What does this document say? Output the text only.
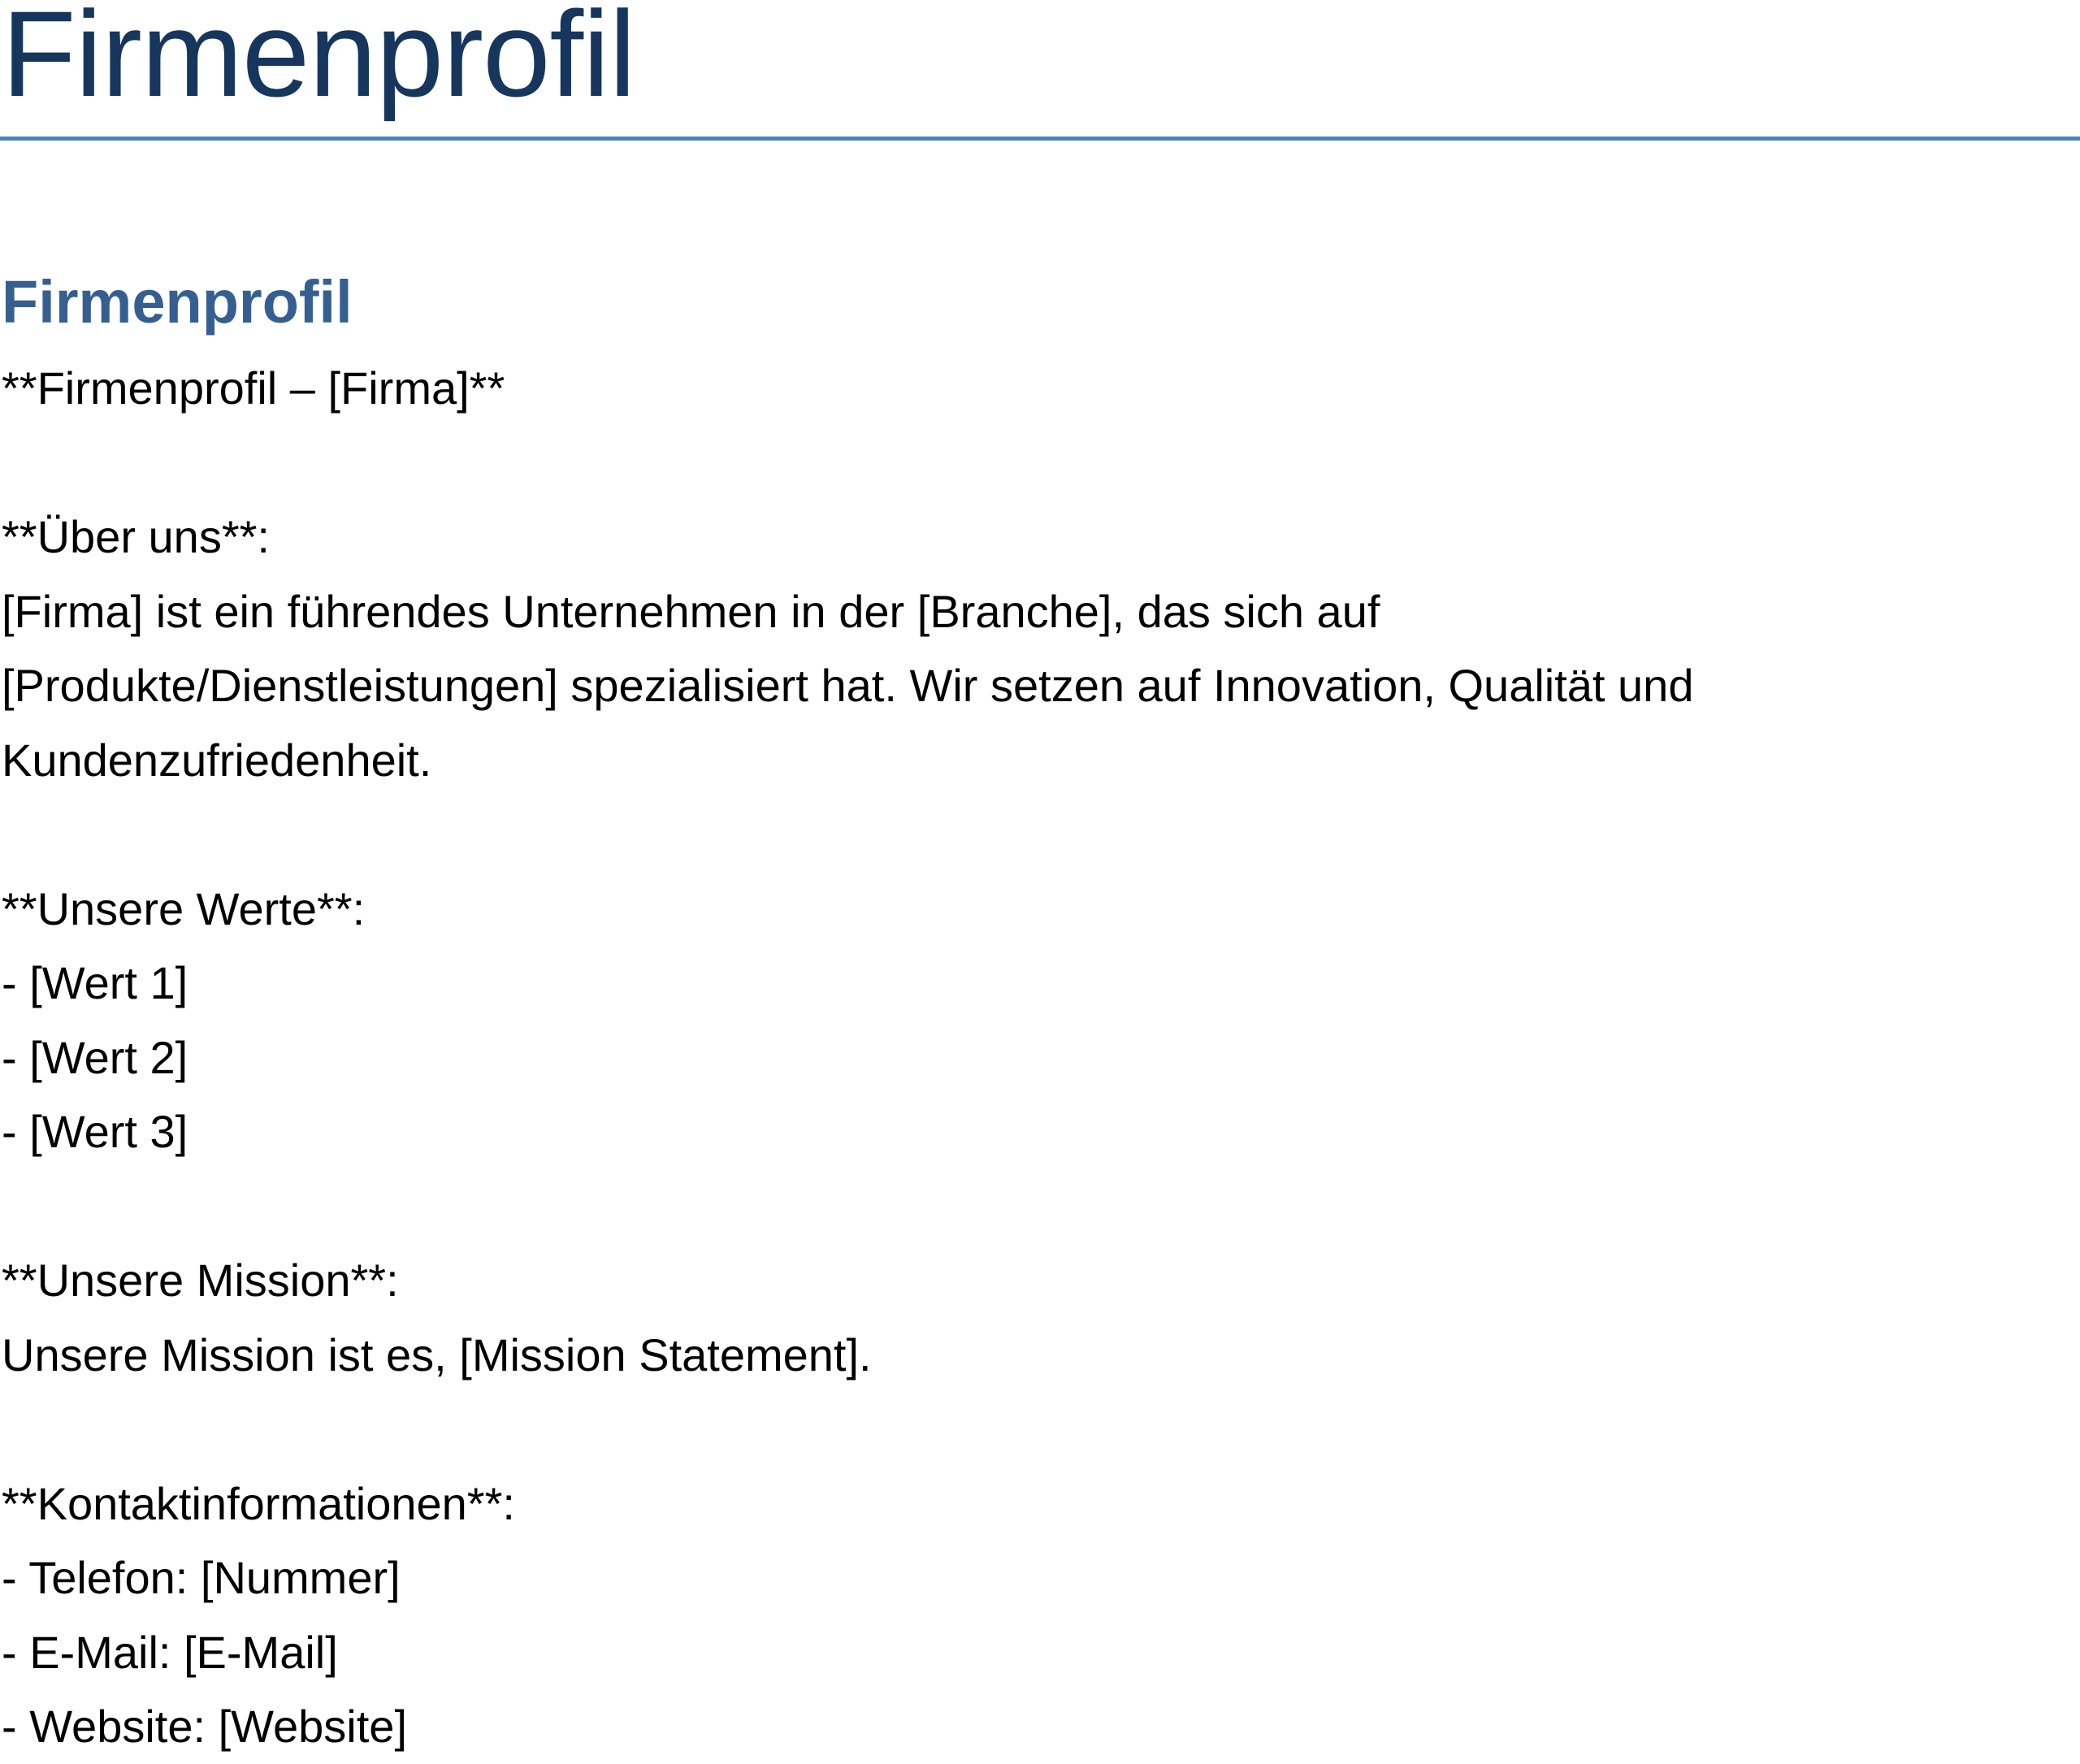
Firmenprofil
Firmenprofil

**Firmenprofil – [Firma]**

**Über uns**:

[Firma] ist ein führendes Unternehmen in der [Branche], das sich auf

[Produkte/Dienstleistungen] spezialisiert hat. Wir setzen auf Innovation, Qualität und

Kundenzufriedenheit.

**Unsere Werte**:

- [Wert 1]

- [Wert 2]

- [Wert 3]

**Unsere Mission**:

Unsere Mission ist es, [Mission Statement].

**Kontaktinformationen**:

- Telefon: [Nummer]

- E-Mail: [E-Mail]

- Website: [Website]
